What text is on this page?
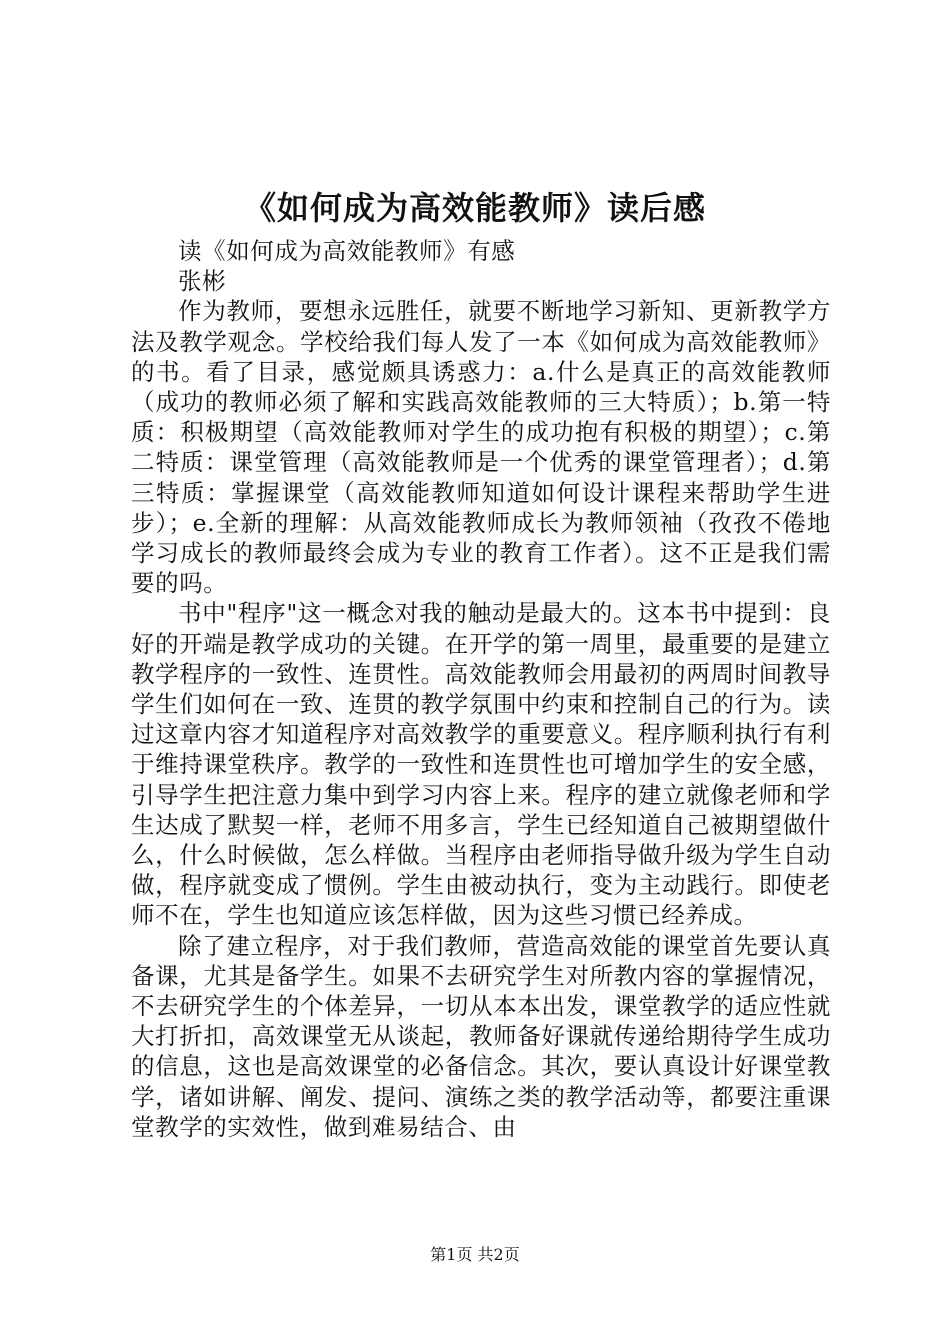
《如何成为高效能教师》读后感

读《如何成为高效能教师》有感

张彬

作为教师，要想永远胜任，就要不断地学习新知、更新教学方法及教学观念。学校给我们每人发了一本《如何成为高效能教师》的书。看了目录，感觉颇具诱惑力：a.什么是真正的高效能教师（成功的教师必须了解和实践高效能教师的三大特质）；b.第一特质：积极期望（高效能教师对学生的成功抱有积极的期望）；c.第二特质：课堂管理（高效能教师是一个优秀的课堂管理者）；d.第三特质：掌握课堂（高效能教师知道如何设计课程来帮助学生进步）；e.全新的理解：从高效能教师成长为教师领袖（孜孜不倦地学习成长的教师最终会成为专业的教育工作者）。这不正是我们需要的吗。

书中"程序"这一概念对我的触动是最大的。这本书中提到：良好的开端是教学成功的关键。在开学的第一周里，最重要的是建立教学程序的一致性、连贯性。高效能教师会用最初的两周时间教导学生们如何在一致、连贯的教学氛围中约束和控制自己的行为。读过这章内容才知道程序对高效教学的重要意义。程序顺利执行有利于维持课堂秩序。教学的一致性和连贯性也可增加学生的安全感，引导学生把注意力集中到学习内容上来。程序的建立就像老师和学生达成了默契一样，老师不用多言，学生已经知道自己被期望做什么，什么时候做，怎么样做。当程序由老师指导做升级为学生自动做，程序就变成了惯例。学生由被动执行，变为主动践行。即使老师不在，学生也知道应该怎样做，因为这些习惯已经养成。

除了建立程序，对于我们教师，营造高效能的课堂首先要认真备课，尤其是备学生。如果不去研究学生对所教内容的掌握情况，不去研究学生的个体差异，一切从本本出发，课堂教学的适应性就大打折扣，高效课堂无从谈起，教师备好课就传递给期待学生成功的信息，这也是高效课堂的必备信念。其次，要认真设计好课堂教学，诸如讲解、阐发、提问、演练之类的教学活动等，都要注重课堂教学的实效性，做到难易结合、由

第1页 共2页
